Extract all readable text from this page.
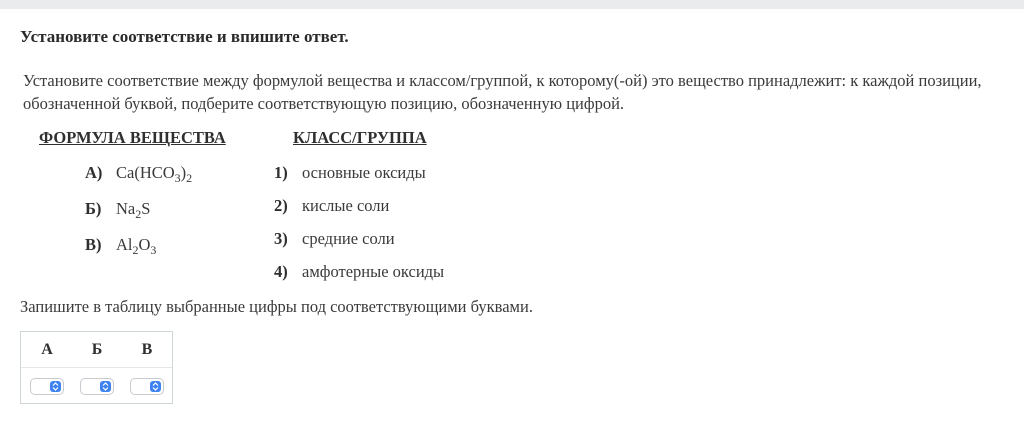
Установите соответствие и впишите ответ.
Установите соответствие между формулой вещества и классом/группой, к которому(-ой) это вещество принадлежит: к каждой позиции, обозначенной буквой, подберите соответствующую позицию, обозначенную цифрой.
ФОРМУЛА ВЕЩЕСТВА	КЛАСС/ГРУППА
А) $Ca(HCO_3)_2$
Б) $Na_2S$
В) $Al_2O_3$
1) основные оксиды
2) кислые соли
3) средние соли
4) амфотерные оксиды
Запишите в таблицу выбранные цифры под соответствующими буквами.
А	Б	В
